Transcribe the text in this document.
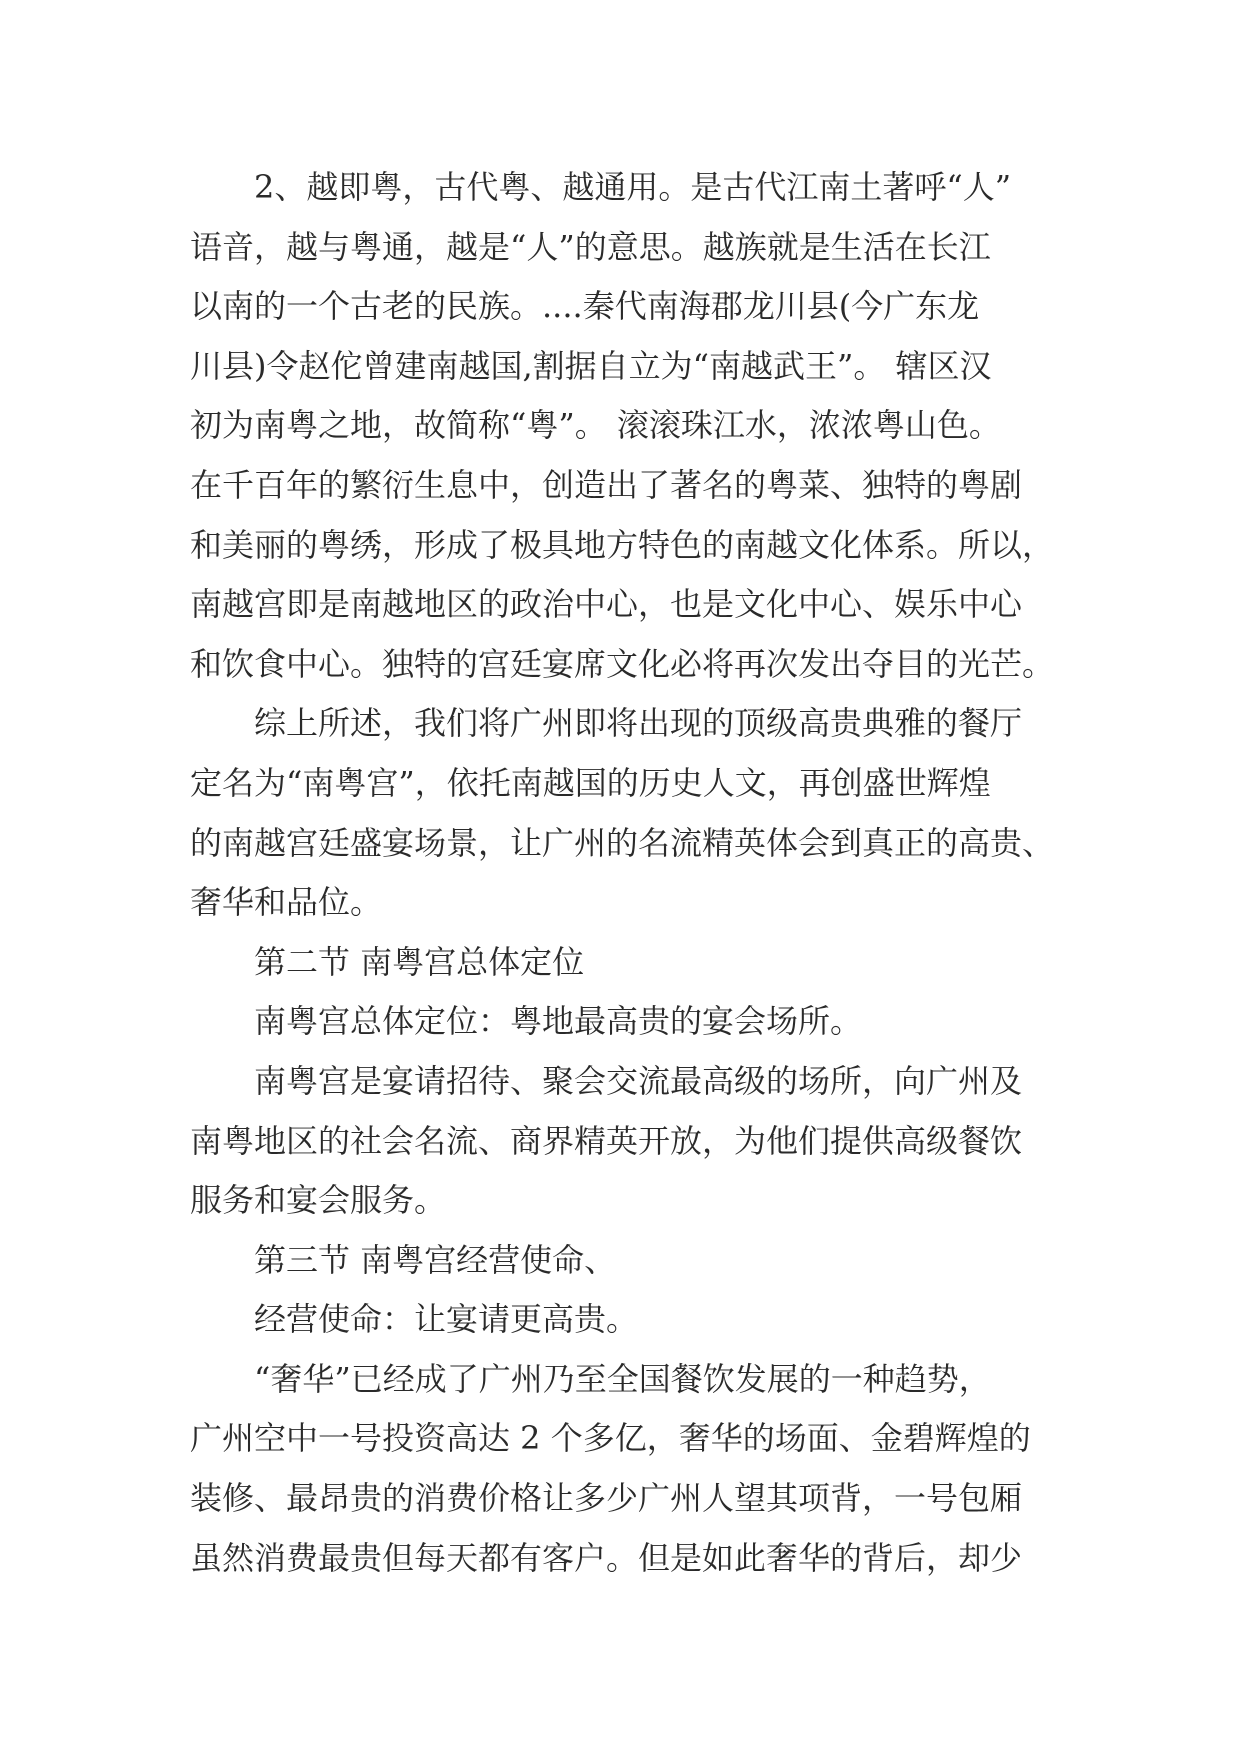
2、越即粤，古代粤、越通用。是古代江南土著呼“人”
语音，越与粤通，越是“人”的意思。越族就是生活在长江
以南的一个古老的民族。....秦代南海郡龙川县(今广东龙
川县)令赵佗曾建南越国,割据自立为“南越武王”。 辖区汉
初为南粤之地，故简称“粤”。 滚滚珠江水，浓浓粤山色。
在千百年的繁衍生息中，创造出了著名的粤菜、独特的粤剧
和美丽的粤绣，形成了极具地方特色的南越文化体系。所以，
南越宫即是南越地区的政治中心，也是文化中心、娱乐中心
和饮食中心。独特的宫廷宴席文化必将再次发出夺目的光芒。
综上所述，我们将广州即将出现的顶级高贵典雅的餐厅
定名为“南粤宫”，依托南越国的历史人文，再创盛世辉煌
的南越宫廷盛宴场景，让广州的名流精英体会到真正的高贵、
奢华和品位。
第二节 南粤宫总体定位
南粤宫总体定位：粤地最高贵的宴会场所。
南粤宫是宴请招待、聚会交流最高级的场所，向广州及
南粤地区的社会名流、商界精英开放，为他们提供高级餐饮
服务和宴会服务。
第三节 南粤宫经营使命、
经营使命：让宴请更高贵。
“奢华”已经成了广州乃至全国餐饮发展的一种趋势，
广州空中一号投资高达 2 个多亿，奢华的场面、金碧辉煌的
装修、最昂贵的消费价格让多少广州人望其项背，一号包厢
虽然消费最贵但每天都有客户。但是如此奢华的背后，却少
